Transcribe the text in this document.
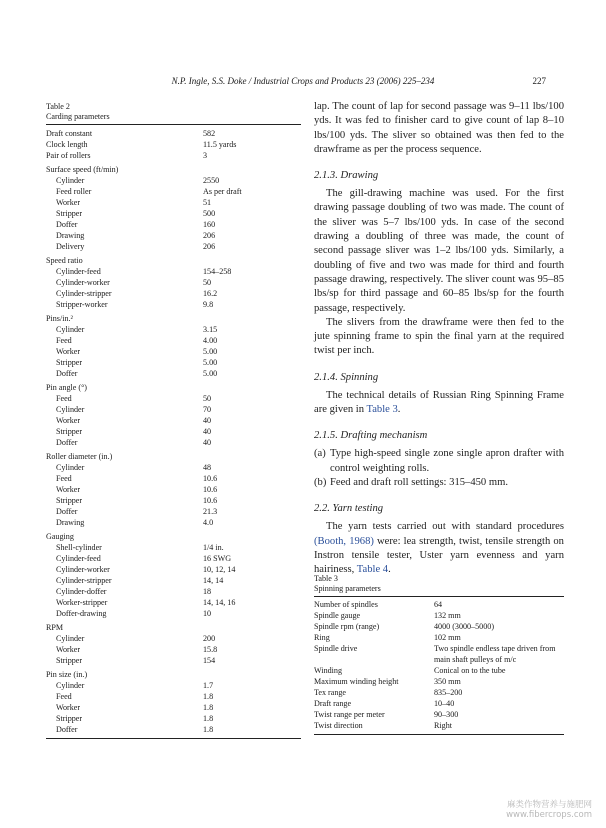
N.P. Ingle, S.S. Doke / Industrial Crops and Products 23 (2006) 225–234	227
Table 2
Carding parameters
Draft constant	582
Clock length	11.5 yards
Pair of rollers	3
Surface speed (ft/min)
Cylinder	2550
Feed roller	As per draft
Worker	51
Stripper	500
Doffer	160
Drawing	206
Delivery	206
Speed ratio
Cylinder-feed	154–258
Cylinder-worker	50
Cylinder-stripper	16.2
Stripper-worker	9.8
Pins/in.²
Cylinder	3.15
Feed	4.00
Worker	5.00
Stripper	5.00
Doffer	5.00
Pin angle (°)
Feed	50
Cylinder	70
Worker	40
Stripper	40
Doffer	40
Roller diameter (in.)
Cylinder	48
Feed	10.6
Worker	10.6
Stripper	10.6
Doffer	21.3
Drawing	4.0
Gauging
Shell-cylinder	1/4 in.
Cylinder-feed	16 SWG
Cylinder-worker	10, 12, 14
Cylinder-stripper	14, 14
Cylinder-doffer	18
Worker-stripper	14, 14, 16
Doffer-drawing	10
RPM
Cylinder	200
Worker	15.8
Stripper	154
Pin size (in.)
Cylinder	1.7
Feed	1.8
Worker	1.8
Stripper	1.8
Doffer	1.8

lap. The count of lap for second passage was 9–11 lbs/100 yds. It was fed to finisher card to give count of lap 8–10 lbs/100 yds. The sliver so obtained was then fed to the drawframe as per the process sequence.

2.1.3. Drawing

The gill-drawing machine was used. For the first drawing passage doubling of two was made. The count of the sliver was 5–7 lbs/100 yds. In case of the second drawing a doubling of three was made, the count of second passage sliver was 1–2 lbs/100 yds. Similarly, a doubling of five and two was made for third and fourth passage drawing, respectively. The sliver count was 95–85 lbs/sp for third passage and 60–85 lbs/sp for the fourth passage, respectively.

The slivers from the drawframe were then fed to the jute spinning frame to spin the final yarn at the required twist per inch.

2.1.4. Spinning

The technical details of Russian Ring Spinning Frame are given in Table 3.

2.1.5. Drafting mechanism
(a) Type high-speed single zone single apron drafter with control weighting rolls.
(b) Feed and draft roll settings: 315–450 mm.
2.2. Yarn testing

The yarn tests carried out with standard procedures (Booth, 1968) were: lea strength, twist, tensile strength on Instron tensile tester, Uster yarn evenness and yarn hairiness, Table 4.

Table 3
Spinning parameters
Number of spindles	64
Spindle gauge	132 mm
Spindle rpm (range)	4000 (3000–5000)
Ring	102 mm
Spindle drive	Two spindle endless tape driven from main shaft pulleys of m/c
Winding	Conical on to the tube
Maximum winding height	350 mm
Tex range	835–200
Draft range	10–40
Twist range per meter	90–300
Twist direction	Right
麻类作物营养与施肥网
www.fibercrops.com
